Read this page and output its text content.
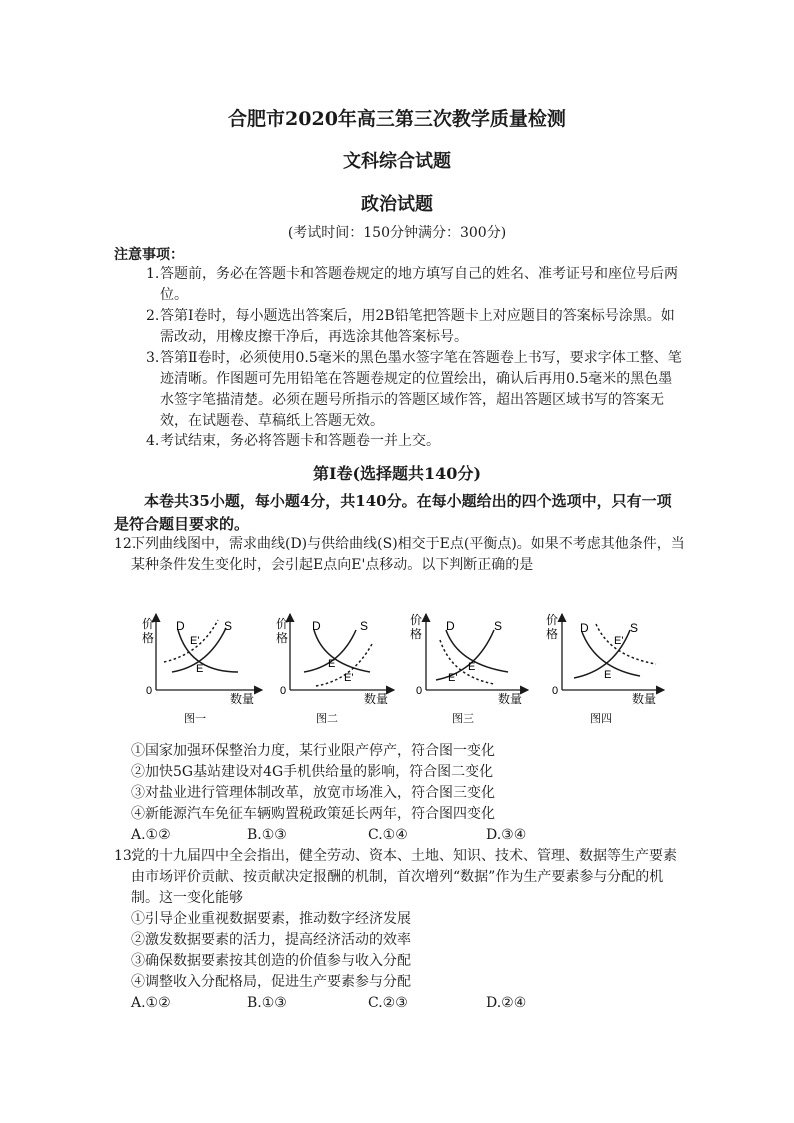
合肥市2020年高三第三次教学质量检测
文科综合试题
政治试题
(考试时间：150分钟满分：300分)
注意事项：
1. 答题前，务必在答题卡和答题卷规定的地方填写自己的姓名、准考证号和座位号后两位。
2. 答第Ⅰ卷时，每小题选出答案后，用2B铅笔把答题卡上对应题目的答案标号涂黑。如需改动，用橡皮擦干净后，再选涂其他答案标号。
3. 答第Ⅱ卷时，必须使用0.5毫米的黑色墨水签字笔在答题卷上书写，要求字体工整、笔迹清晰。作图题可先用铅笔在答题卷规定的位置绘出，确认后再用0.5毫米的黑色墨水签字笔描清楚。必须在题号所指示的答题区域作答，超出答题区域书写的答案无效，在试题卷、草稿纸上答题无效。
4. 考试结束，务必将答题卡和答题卷一并上交。
第Ⅰ卷(选择题共140分)
本卷共35小题，每小题4分，共140分。在每小题给出的四个选项中，只有一项是符合题目要求的。
12.
下列曲线图中，需求曲线(D)与供给曲线(S)相交于E点(平衡点)。如果不考虑其他条件，当某种条件发生变化时，会引起E点向E'点移动。以下判断正确的是
价
格
0
数量
D	S
E'
E
图一
价
格
0
数量
D	S
E
E'
图二
价
格
0
数量
D	S
E
E'
图三
价
格
0
数量
D	S
E'
E
图四
①国家加强环保整治力度，某行业限产停产，符合图一变化
②加快5G基站建设对4G手机供给量的影响，符合图二变化
③对盐业进行管理体制改革，放宽市场准入，符合图三变化
④新能源汽车免征车辆购置税政策延长两年，符合图四变化
A.①②	B.①③	C.①④	D.③④
13.
党的十九届四中全会指出，健全劳动、资本、土地、知识、技术、管理、数据等生产要素由市场评价贡献、按贡献决定报酬的机制，首次增列“数据”作为生产要素参与分配的机制。这一变化能够
①引导企业重视数据要素，推动数字经济发展
②激发数据要素的活力，提高经济活动的效率
③确保数据要素按其创造的价值参与收入分配
④调整收入分配格局，促进生产要素参与分配
A.①②	B.①③	C.②③	D.②④
